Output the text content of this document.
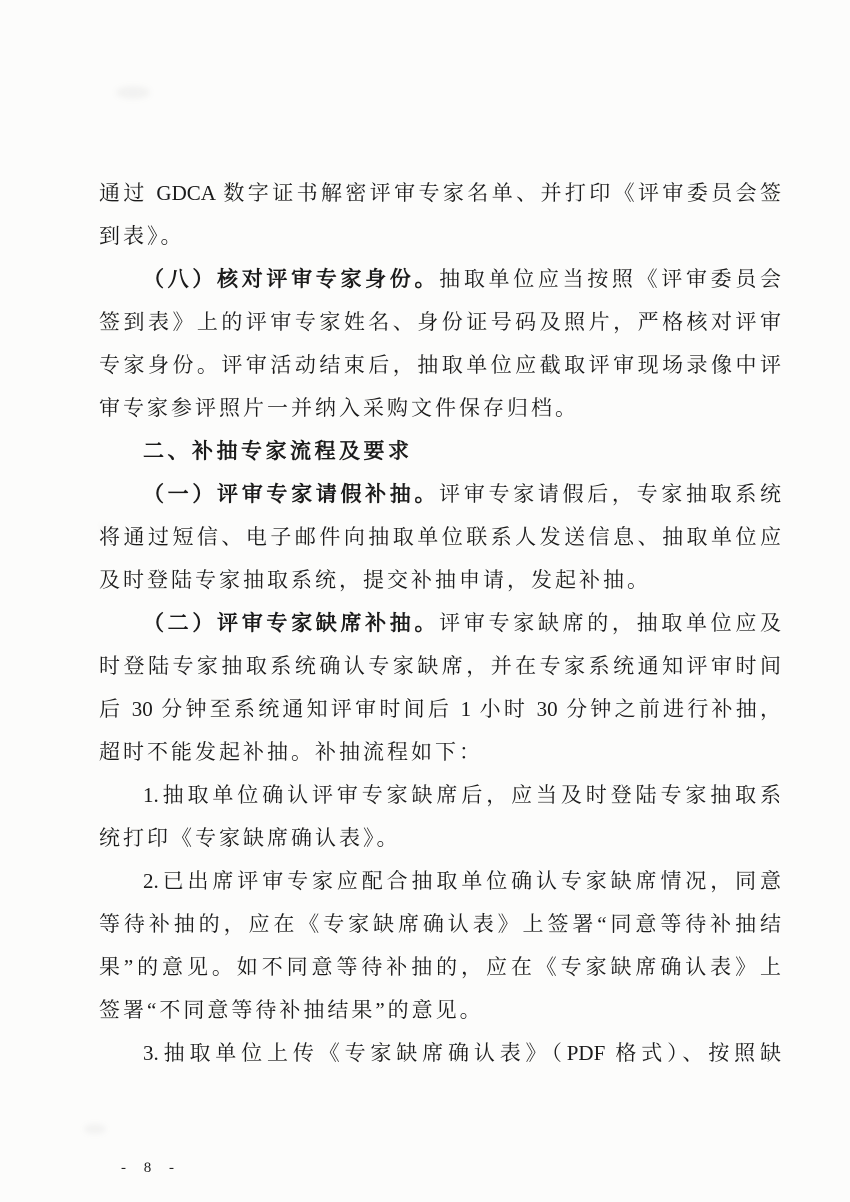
通过 GDCA 数字证书解密评审专家名单、并打印《评审委员会签
到表》。
（八）核对评审专家身份。抽取单位应当按照《评审委员会
签到表》上的评审专家姓名、身份证号码及照片，严格核对评审
专家身份。评审活动结束后，抽取单位应截取评审现场录像中评
审专家参评照片一并纳入采购文件保存归档。
二、补抽专家流程及要求
（一）评审专家请假补抽。评审专家请假后，专家抽取系统
将通过短信、电子邮件向抽取单位联系人发送信息、抽取单位应
及时登陆专家抽取系统，提交补抽申请，发起补抽。
（二）评审专家缺席补抽。评审专家缺席的，抽取单位应及
时登陆专家抽取系统确认专家缺席，并在专家系统通知评审时间
后 30 分钟至系统通知评审时间后 1 小时 30 分钟之前进行补抽，
超时不能发起补抽。补抽流程如下：
1.抽取单位确认评审专家缺席后，应当及时登陆专家抽取系
统打印《专家缺席确认表》。
2.已出席评审专家应配合抽取单位确认专家缺席情况，同意
等待补抽的，应在《专家缺席确认表》上签署“同意等待补抽结
果”的意见。如不同意等待补抽的，应在《专家缺席确认表》上
签署“不同意等待补抽结果”的意见。
3.抽取单位上传《专家缺席确认表》（PDF 格式）、按照缺
- 8 -
